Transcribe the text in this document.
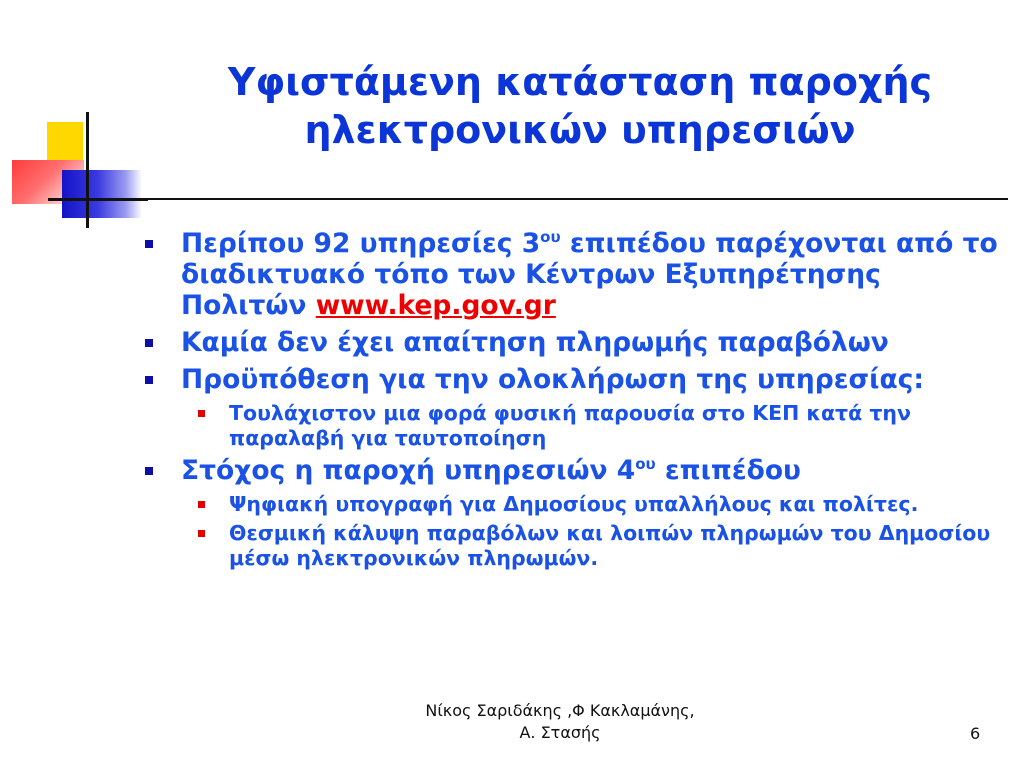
Υφιστάμενη κατάσταση παροχής
ηλεκτρονικών υπηρεσιών
Περίπου 92 υπηρεσίες $3^{o\upsilon}$ επιπέδου παρέχονται από το διαδικτυακό τόπο των Κέντρων Εξυπηρέτησης Πολιτών www.kep.gov.gr
Καμία δεν έχει απαίτηση πληρωμής παραβόλων
Προϋπόθεση για την ολοκλήρωση της υπηρεσίας:
Τουλάχιστον μια φορά φυσική παρουσία στο ΚΕΠ κατά την παραλαβή για ταυτοποίηση
Στόχος η παροχή υπηρεσιών $4^{o\upsilon}$ επιπέδου
Ψηφιακή υπογραφή για Δημοσίους υπαλλήλους και πολίτες.
Θεσμική κάλυψη παραβόλων και λοιπών πληρωμών του Δημοσίου μέσω ηλεκτρονικών πληρωμών.
Νίκος Σαριδάκης ,Φ Κακλαμάνης,
Α. Στασής	6
